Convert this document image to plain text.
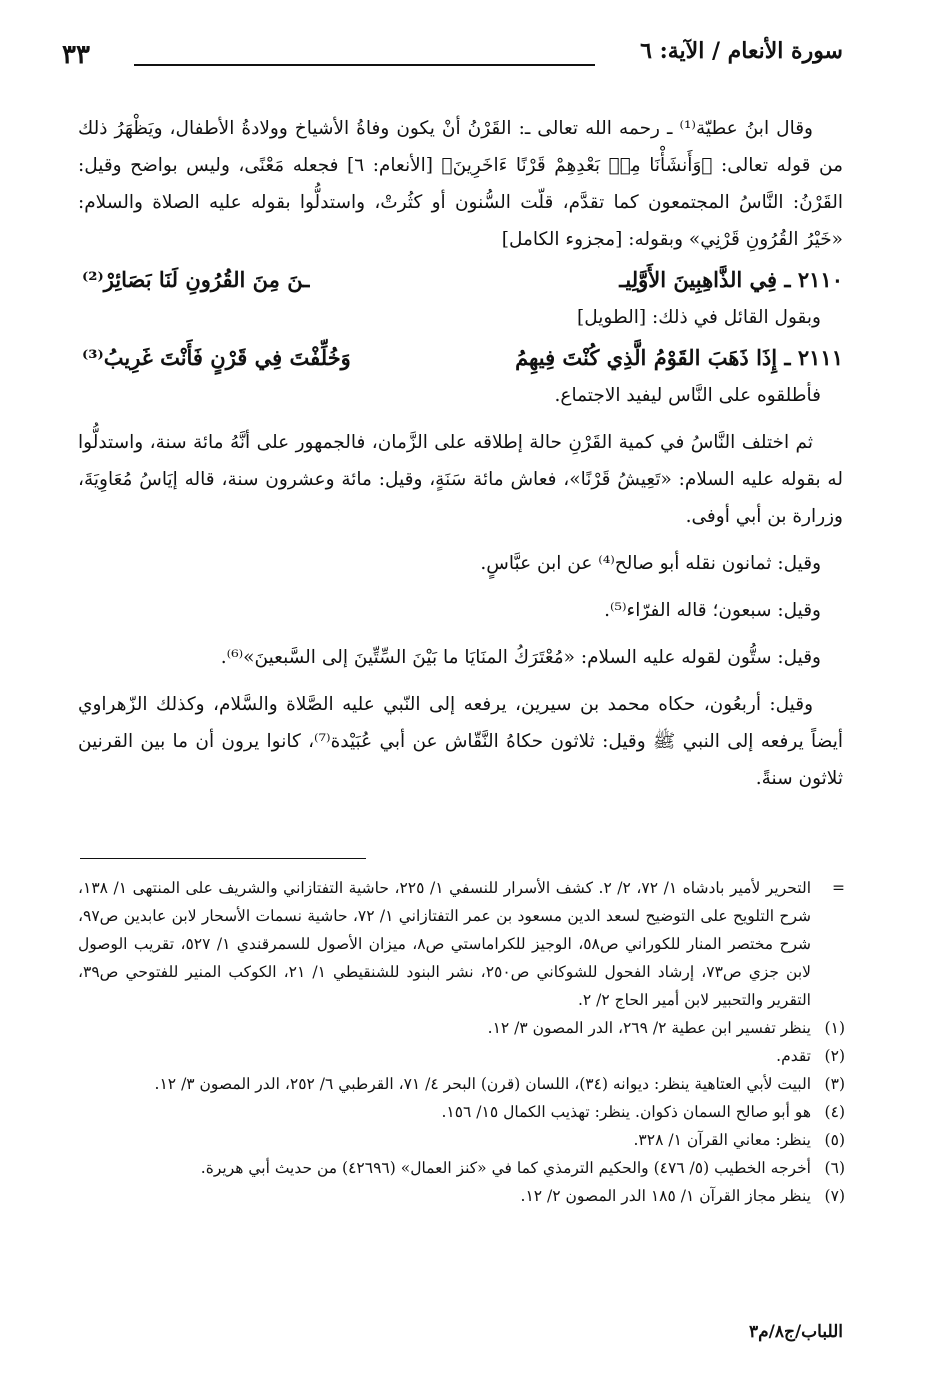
سورة الأنعام / الآية: ٦
٣٣

وقال ابنُ عطيّة⁽¹⁾ ـ رحمه الله تعالى ـ: القَرْنُ أنْ يكون وفاةُ الأشياخ وولادةُ الأطفال، ويَظْهَرُ ذلك من قوله تعالى: ﴿وَأَنشَأْنَا مِنۢ بَعْدِهِمْ قَرْنًا ءَاخَرِينَ﴾ [الأنعام: ٦] فجعله مَعْنًى، وليس بواضح وقيل: القَرْنُ: النَّاسُ المجتمعون كما تقدَّم، قلّت السُّنون أو كثُرتْ، واستدلُّوا بقوله عليه الصلاة والسلام: «خَيْرُ القُرُونِ قَرْنِي» وبقوله: [مجزوء الكامل]

٢١١٠ ـ فِي الذَّاهِبِينَ الأَوَّلِيـ
ـنَ مِنَ القُرُونِ لَنَا بَصَائِرْ⁽²⁾

وبقول القائل في ذلك: [الطويل]

٢١١١ ـ إِذَا ذَهَبَ القَوْمُ الَّذِي كُنْتَ فِيهِمُ
وَخُلِّفْتَ فِي قَرْنٍ فَأَنْتَ غَرِيبُ⁽³⁾

فأطلقوه على النَّاس ليفيد الاجتماع.

ثم اختلف النَّاسُ في كمية القَرْنِ حالة إطلاقه على الزَّمان، فالجمهور على أنَّهُ مائة سنة، واستدلُّوا له بقوله عليه السلام: «تَعِيشُ قَرْنًا»، فعاش مائة سَنَةٍ، وقيل: مائة وعشرون سنة، قاله إيَاسُ مُعَاوِيَةَ، وزرارة بن أبي أوفى.

وقيل: ثمانون نقله أبو صالح⁽⁴⁾ عن ابن عبَّاسٍ.

وقيل: سبعون؛ قاله الفرّاء⁽⁵⁾.

وقيل: ستُّون لقوله عليه السلام: «مُعْتَرَكُ المنَايَا ما بَيْنَ السِّتِّينَ إلى السَّبعينَ»⁽⁶⁾.

وقيل: أربعُون، حكاه محمد بن سيرين، يرفعه إلى النّبي عليه الصَّلاة والسَّلام، وكذلك الزّهراوي أيضاً يرفعه إلى النبي ﷺ وقيل: ثلاثون حكاهُ النَّقّاش عن أبي عُبَيْدة⁽⁷⁾، كانوا يرون أن ما بين القرنين ثلاثون سنةً.

=
التحرير لأمير بادشاه ١/ ٧٢، ٢/ ٢. كشف الأسرار للنسفي ١/ ٢٢٥، حاشية التفتازاني والشريف على المنتهى ١/ ١٣٨، شرح التلويح على التوضيح لسعد الدين مسعود بن عمر التفتازاني ١/ ٧٢، حاشية نسمات الأسحار لابن عابدين ص٩٧، شرح مختصر المنار للكوراني ص٥٨، الوجيز للكراماستي ص٨، ميزان الأصول للسمرقندي ١/ ٥٢٧، تقريب الوصول لابن جزي ص٧٣، إرشاد الفحول للشوكاني ص٢٥٠، نشر البنود للشنقيطي ١/ ٢١، الكوكب المنير للفتوحي ص٣٩، التقرير والتحبير لابن أمير الحاج ٢/ ٢.
(١)
ينظر تفسير ابن عطية ٢/ ٢٦٩، الدر المصون ٣/ ١٢.
(٢)
تقدم.
(٣)
البيت لأبي العتاهية ينظر: ديوانه (٣٤)، اللسان (قرن) البحر ٤/ ٧١، القرطبي ٦/ ٢٥٢، الدر المصون ٣/ ١٢.
(٤)
هو أبو صالح السمان ذكوان. ينظر: تهذيب الكمال ١٥/ ١٥٦.
(٥)
ينظر: معاني القرآن ١/ ٣٢٨.
(٦)
أخرجه الخطيب (٥/ ٤٧٦) والحكيم الترمذي كما في «كنز العمال» (٤٢٦٩٦) من حديث أبي هريرة.
(٧)
ينظر مجاز القرآن ١/ ١٨٥ الدر المصون ٢/ ١٢.
اللباب/ج٨/م٣
